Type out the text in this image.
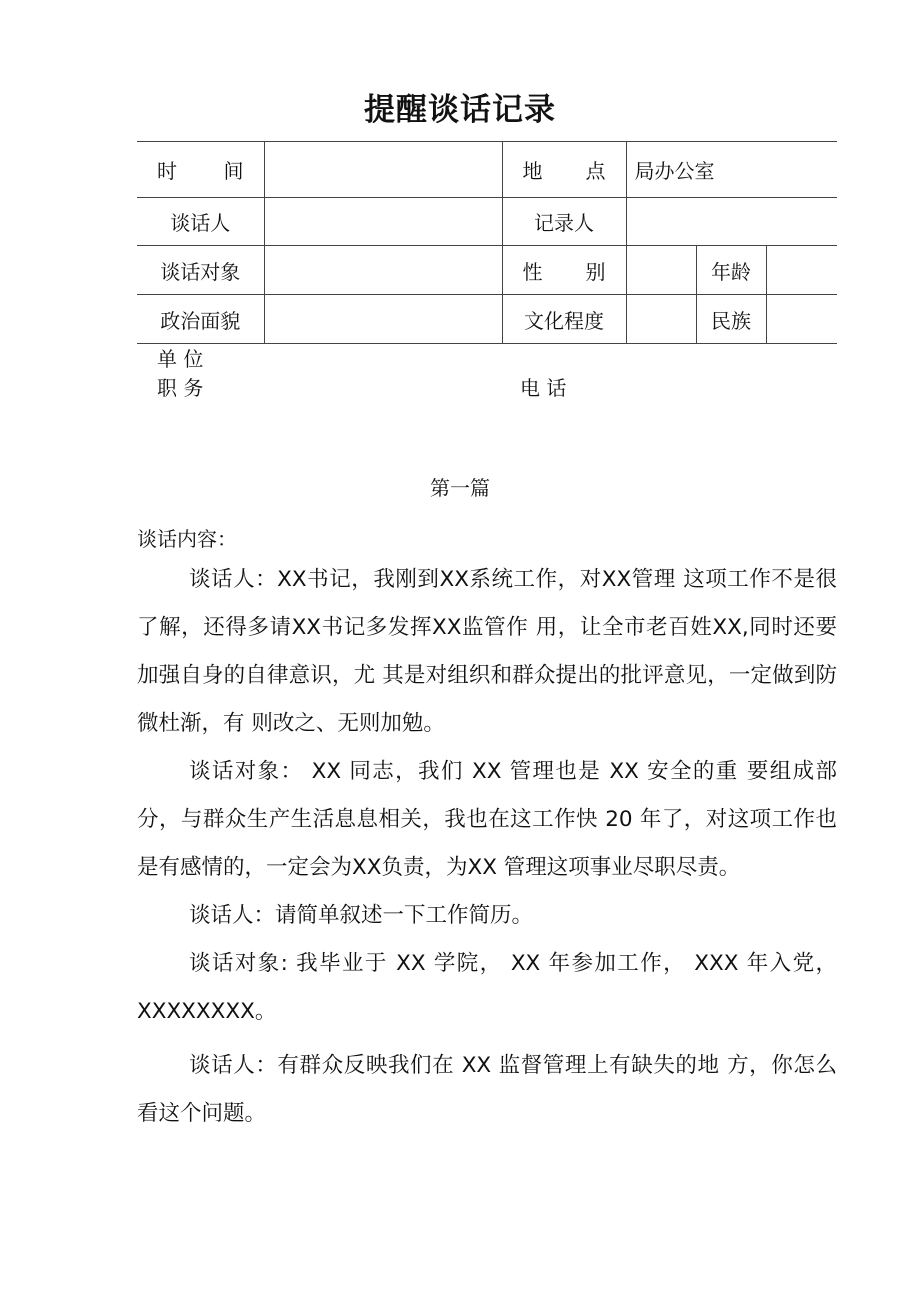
提醒谈话记录
时间		地点	局办公室		
谈话人		记录人			
谈话对象		性别		年龄	
政治面貌		文化程度		民族	
单 位
职 务	电 话
第一篇
谈话内容：

谈话人：XX书记，我刚到XX系统工作，对XX管理 这项工作不是很了解，还得多请XX书记多发挥XX监管作 用，让全市老百姓XX,同时还要加强自身的自律意识，尤 其是对组织和群众提出的批评意见，一定做到防微杜渐，有 则改之、无则加勉。

谈话对象： XX 同志，我们 XX 管理也是 XX 安全的重 要组成部分，与群众生产生活息息相关，我也在这工作快 20 年了，对这项工作也是有感情的，一定会为XX负责，为XX 管理这项事业尽职尽责。

谈话人：请简单叙述一下工作简历。

谈话对象: 我毕业于 XX 学院， XX 年参加工作， XXX 年入党，XXXXXXXX。

谈话人：有群众反映我们在 XX 监督管理上有缺失的地 方，你怎么看这个问题。
